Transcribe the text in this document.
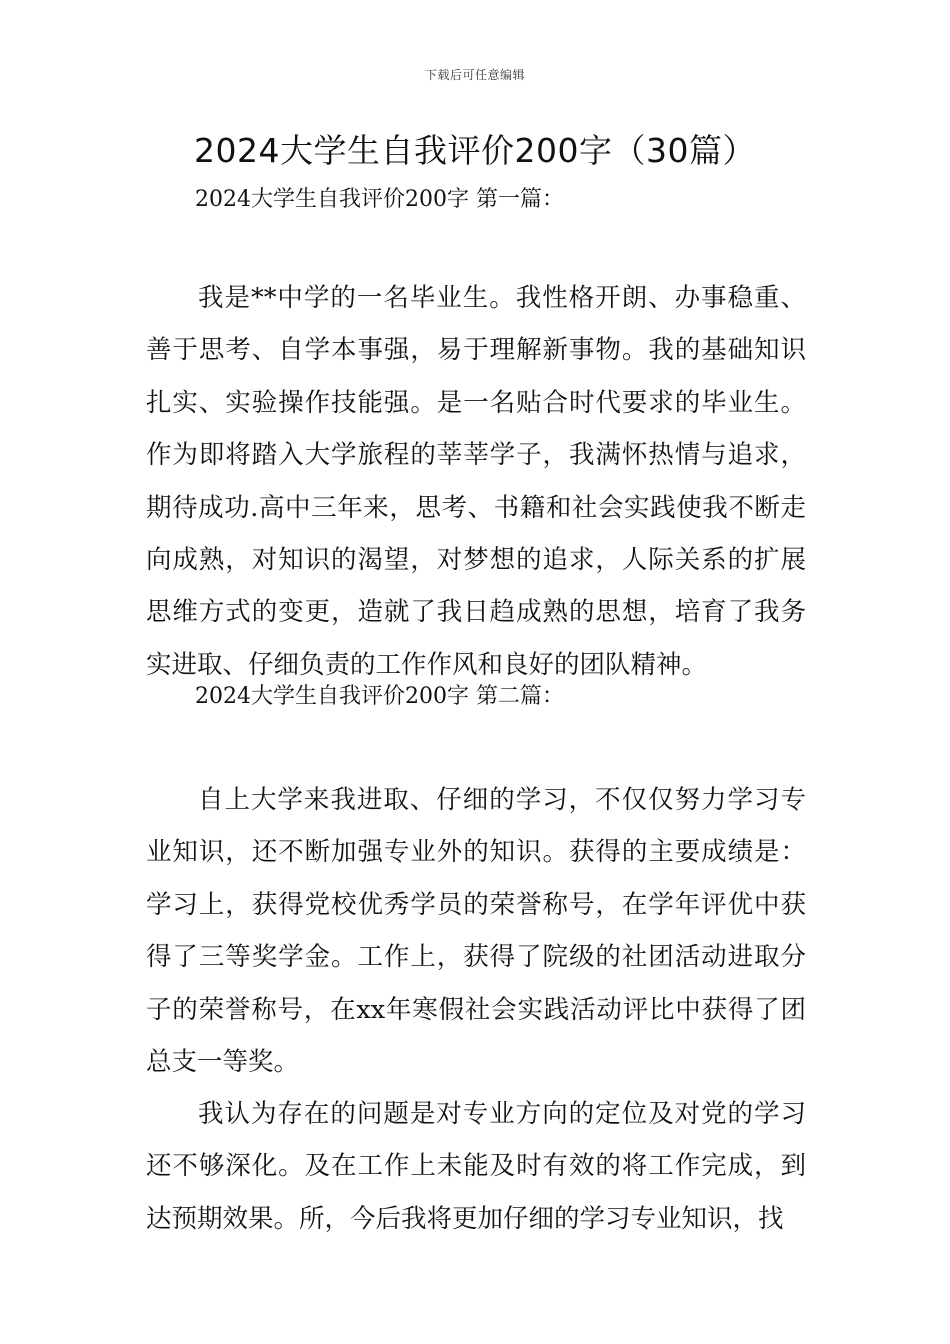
下载后可任意编辑
2024大学生自我评价200字（30篇）
2024大学生自我评价200字 第一篇：

我是**中学的一名毕业生。我性格开朗、办事稳重、善于思考、自学本事强，易于理解新事物。我的基础知识扎实、实验操作技能强。是一名贴合时代要求的毕业生。作为即将踏入大学旅程的莘莘学子，我满怀热情与追求，期待成功.高中三年来，思考、书籍和社会实践使我不断走向成熟，对知识的渴望，对梦想的追求，人际关系的扩展思维方式的变更，造就了我日趋成熟的思想，培育了我务实进取、仔细负责的工作作风和良好的团队精神。

2024大学生自我评价200字 第二篇：

自上大学来我进取、仔细的学习，不仅仅努力学习专业知识，还不断加强专业外的知识。获得的主要成绩是：学习上，获得党校优秀学员的荣誉称号，在学年评优中获得了三等奖学金。工作上，获得了院级的社团活动进取分子的荣誉称号，在xx年寒假社会实践活动评比中获得了团总支一等奖。

我认为存在的问题是对专业方向的定位及对党的学习还不够深化。及在工作上未能及时有效的将工作完成，到达预期效果。所，今后我将更加仔细的学习专业知识，找
